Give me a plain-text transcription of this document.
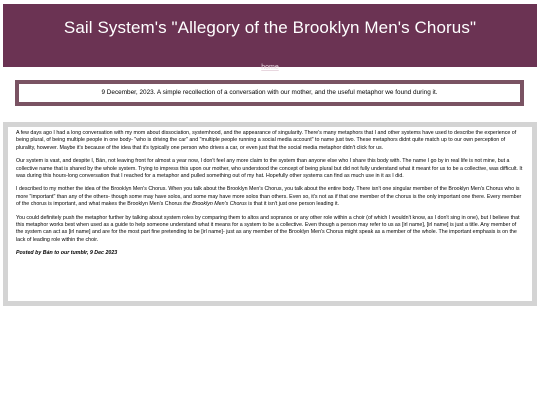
Sail System's "Allegory of the Brooklyn Men's Chorus"

home
9 December, 2023. A simple recollection of a conversation with our mother, and the useful metaphor we found during it.

A few days ago I had a long conversation with my mom about dissociation, systemhood, and the appearance of singularity. There's many metaphors that I and other systems have used to describe the experience of being plural, of being multiple people in one body- "who is driving the car" and "multiple people running a social media account" to name just two. These metaphors didnt quite match up to our own perception of plurality, however. Maybe it's because of the idea that it's typically one person who drives a car, or even just that the social media metaphor didn't click for us.

Our system is vast, and despite I, Bán, not leaving front for almost a year now, I don't feel any more claim to the system than anyone else who I share this body with. The name I go by in real life is not mine, but a collective name that is shared by the whole system. Trying to impress this upon our mother, who understood the concept of being plural but did not fully understand what it meant for us to be a collective, was difficult. It was during this hours-long conversation that I reached for a metaphor and pulled something out of my hat. Hopefully other systems can find as much use in it as I did.

I described to my mother the idea of the Brooklyn Men's Chorus. When you talk about the Brooklyn Men's Chorus, you talk about the entire body. There isn't one singular member of the Brooklyn Men's Chorus who is more "important" than any of the others- though some may have solos, and some may have more solos than others. Even so, it's not as if that one member of the chorus is the only important one there. Every member of the chorus is important, and what makes the Brooklyn Men's Chorus the Brooklyn Men's Chorus is that it isn't just one person leading it.

You could definitely push the metaphor further by talking about system roles by comparing them to altos and sopranos or any other role within a choir (of which I wouldn't know, as I don't sing in one), but I believe that this metaphor works best when used as a guide to help someone understand what it means for a system to be a collective. Even though a person may refer to us as [irl name], [irl name] is just a title. Any member of the system can act as [irl name] and are for the most part fine pretending to be [irl name]- just as any member of the Brooklyn Men's Chorus might speak as a member of the whole. The important emphasis is on the lack of leading role within the choir.

Posted by Bán to our tumblr, 9 Dec 2023
